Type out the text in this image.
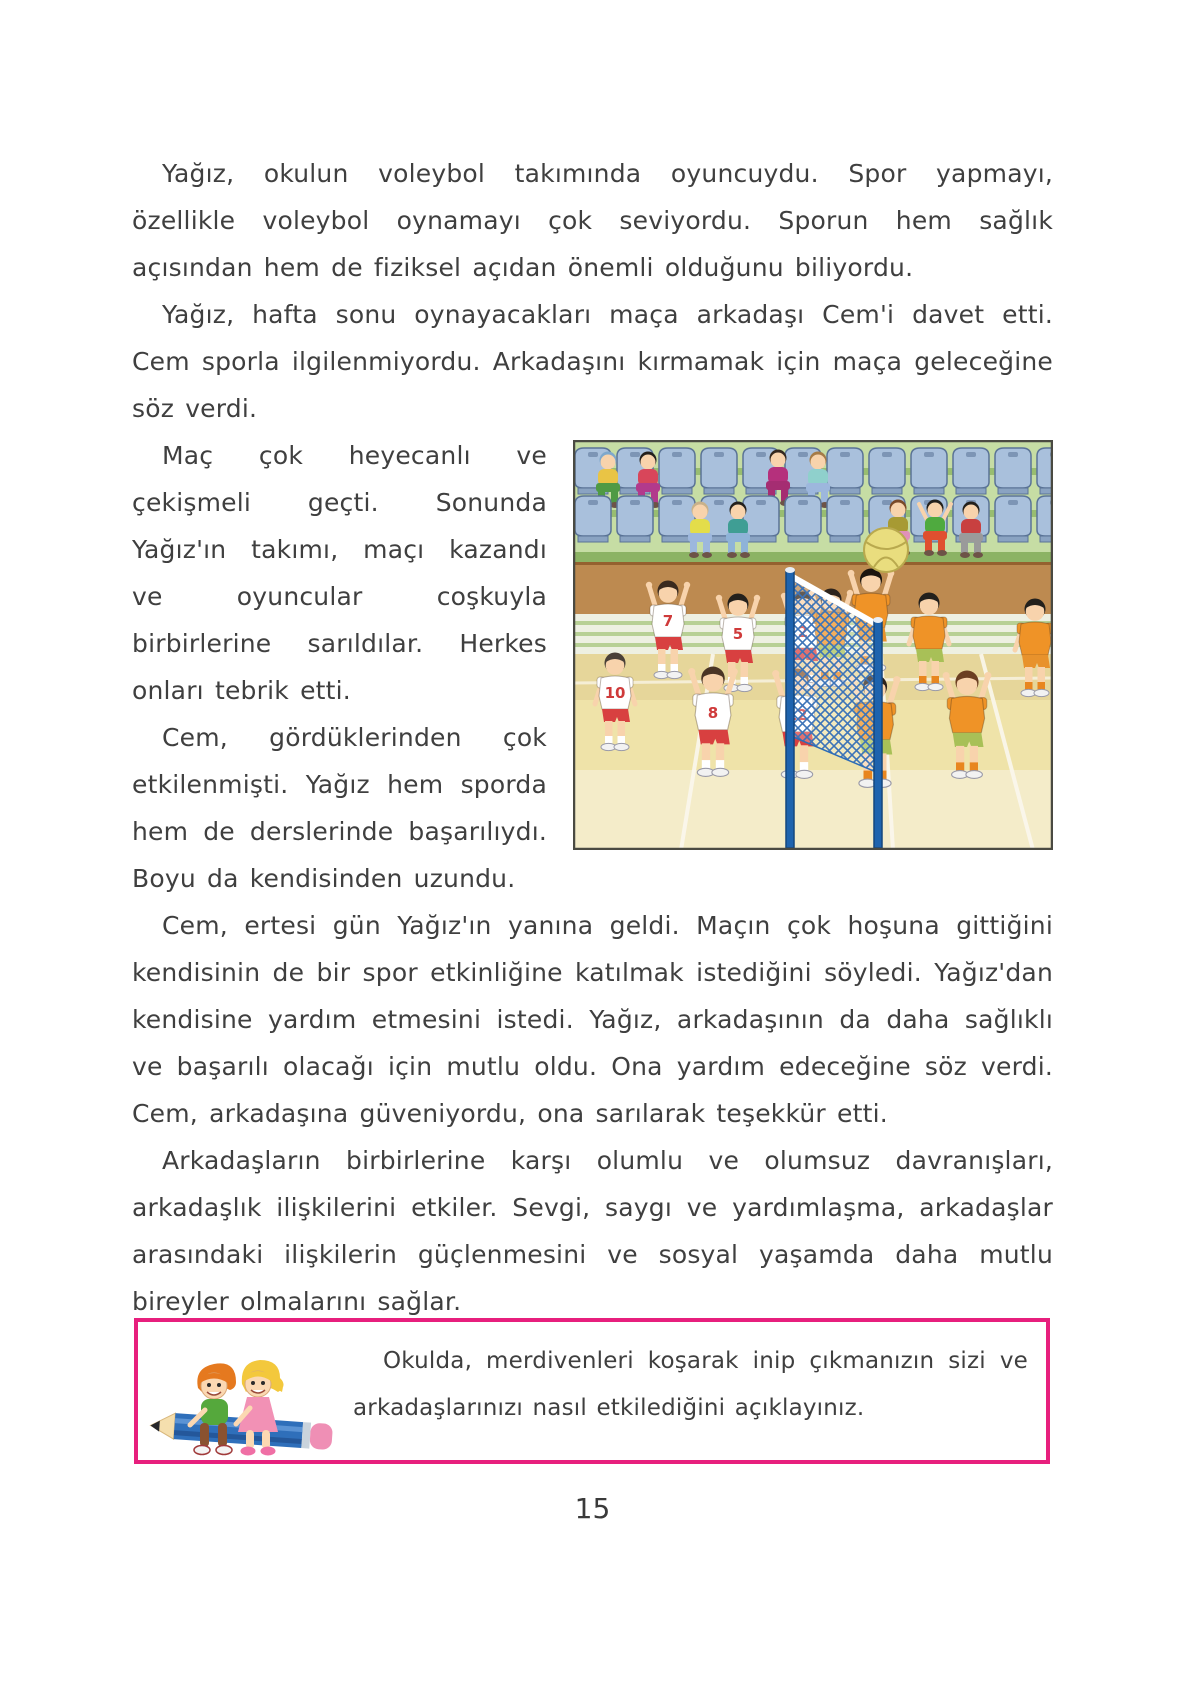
Yağız, okulun voleybol takımında oyuncuydu. Spor yapmayı, özellikle voleybol oynamayı çok seviyordu. Sporun hem sağlık açısından hem de fiziksel açıdan önemli olduğunu biliyordu.

Yağız, hafta sonu oynayacakları maça arkadaşı Cem'i davet etti. Cem sporla ilgilenmiyordu. Arkadaşını kırmamak için maça geleceğine söz verdi.

7
5
10
8

Maç çok heyecanlı ve çekişmeli geçti. Sonunda Yağız'ın takımı, maçı kazandı ve oyuncular coşkuyla birbirlerine sarıldılar. Herkes onları tebrik etti.

Cem, gördüklerinden çok etkilenmişti. Yağız hem sporda hem de derslerinde başarılıydı. Boyu da kendisinden uzundu.

Cem, ertesi gün Yağız'ın yanına geldi. Maçın çok hoşuna gittiğini kendisinin de bir spor etkinliğine katılmak istediğini söyledi. Yağız'dan kendisine yardım etmesini istedi. Yağız, arkadaşının da daha sağlıklı ve başarılı olacağı için mutlu oldu. Ona yardım edeceğine söz verdi. Cem, arkadaşına güveniyordu, ona sarılarak teşekkür etti.

Arkadaşların birbirlerine karşı olumlu ve olumsuz davranışları, arkadaşlık ilişkilerini etkiler. Sevgi, saygı ve yardımlaşma, arkadaşlar arasındaki ilişkilerin güçlenmesini ve sosyal yaşamda daha mutlu bireyler olmalarını sağlar.

Okulda, merdivenleri koşarak inip çıkmanızın sizi ve arkadaşlarınızı nasıl etkilediğini açıklayınız.

15
